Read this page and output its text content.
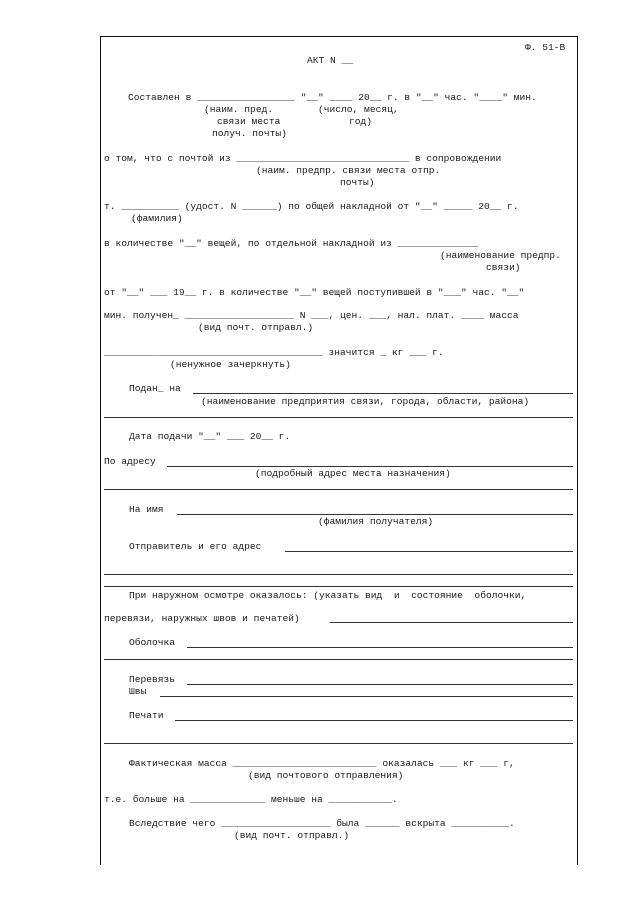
Ф. 51-В
АКТ N __
Составлен в _________________ "__" ____ 20__ г. в "__" час. "____" мин.
(наим. пред.	(число, месяц,
связи места	год)
получ. почты)
о том, что с почтой из ______________________________ в сопровождении
(наим. предпр. связи места отпр.
почты)
т. __________ (удост. N ______) по общей накладной от "__" _____ 20__ г.
(фамилия)
в количестве "__" вещей, по отдельной накладной из ______________
(наименование предпр.
связи)
от "__" ___ 19__ г. в количестве "__" вещей поступившей в "___" час. "__"
мин. получен_ ___________________ N ___, цен. ___, нал. плат. ____ масса
(вид почт. отправл.)
______________________________________ значится _ кг ___ г.
(ненужное зачеркнуть)
Подан_ на
(наименование предприятия связи, города, области, района)
Дата подачи "__" ___ 20__ г.
По адресу
(подробный адрес места назначения)
На имя
(фамилия получателя)
Отправитель и его адрес
При наружном осмотре оказалось: (указать вид  и  состояние  оболочки,
перевязи, наружных швов и печатей)
Оболочка
Перевязь
Швы
Печати
Фактическая масса _________________________ оказалась ___ кг ___ г,
(вид почтового отправления)
т.е. больше на _____________ меньше на ___________.
Вследствие чего ___________________ была ______ вскрыта __________.
(вид почт. отправл.)
